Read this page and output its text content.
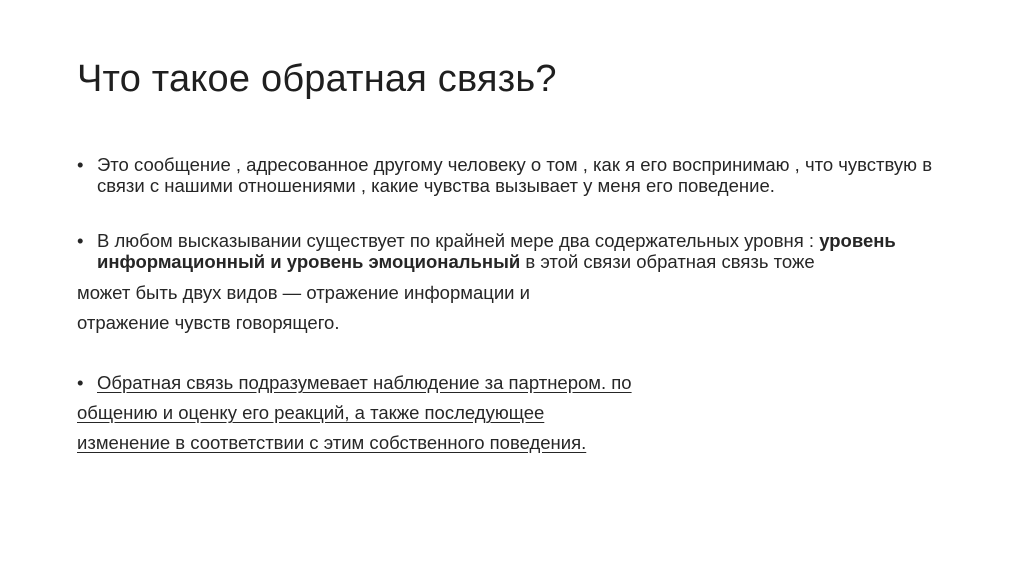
Что такое обратная связь?

• Это сообщение , адресованное другому человеку о том , как я его воспринимаю , что чувствую в связи с нашими отношениями , какие чувства вызывает у меня его поведение.

• В любом высказывании существует по крайней мере два содержательных уровня : уровень информационный и уровень эмоциональный в этой связи обратная связь тоже

может быть двух видов — отражение информации и

отражение чувств говорящего.

• Обратная связь подразумевает наблюдение за партнером. по

общению и оценку его реакций, а также последующее

изменение в соответствии с этим собственного поведения.
